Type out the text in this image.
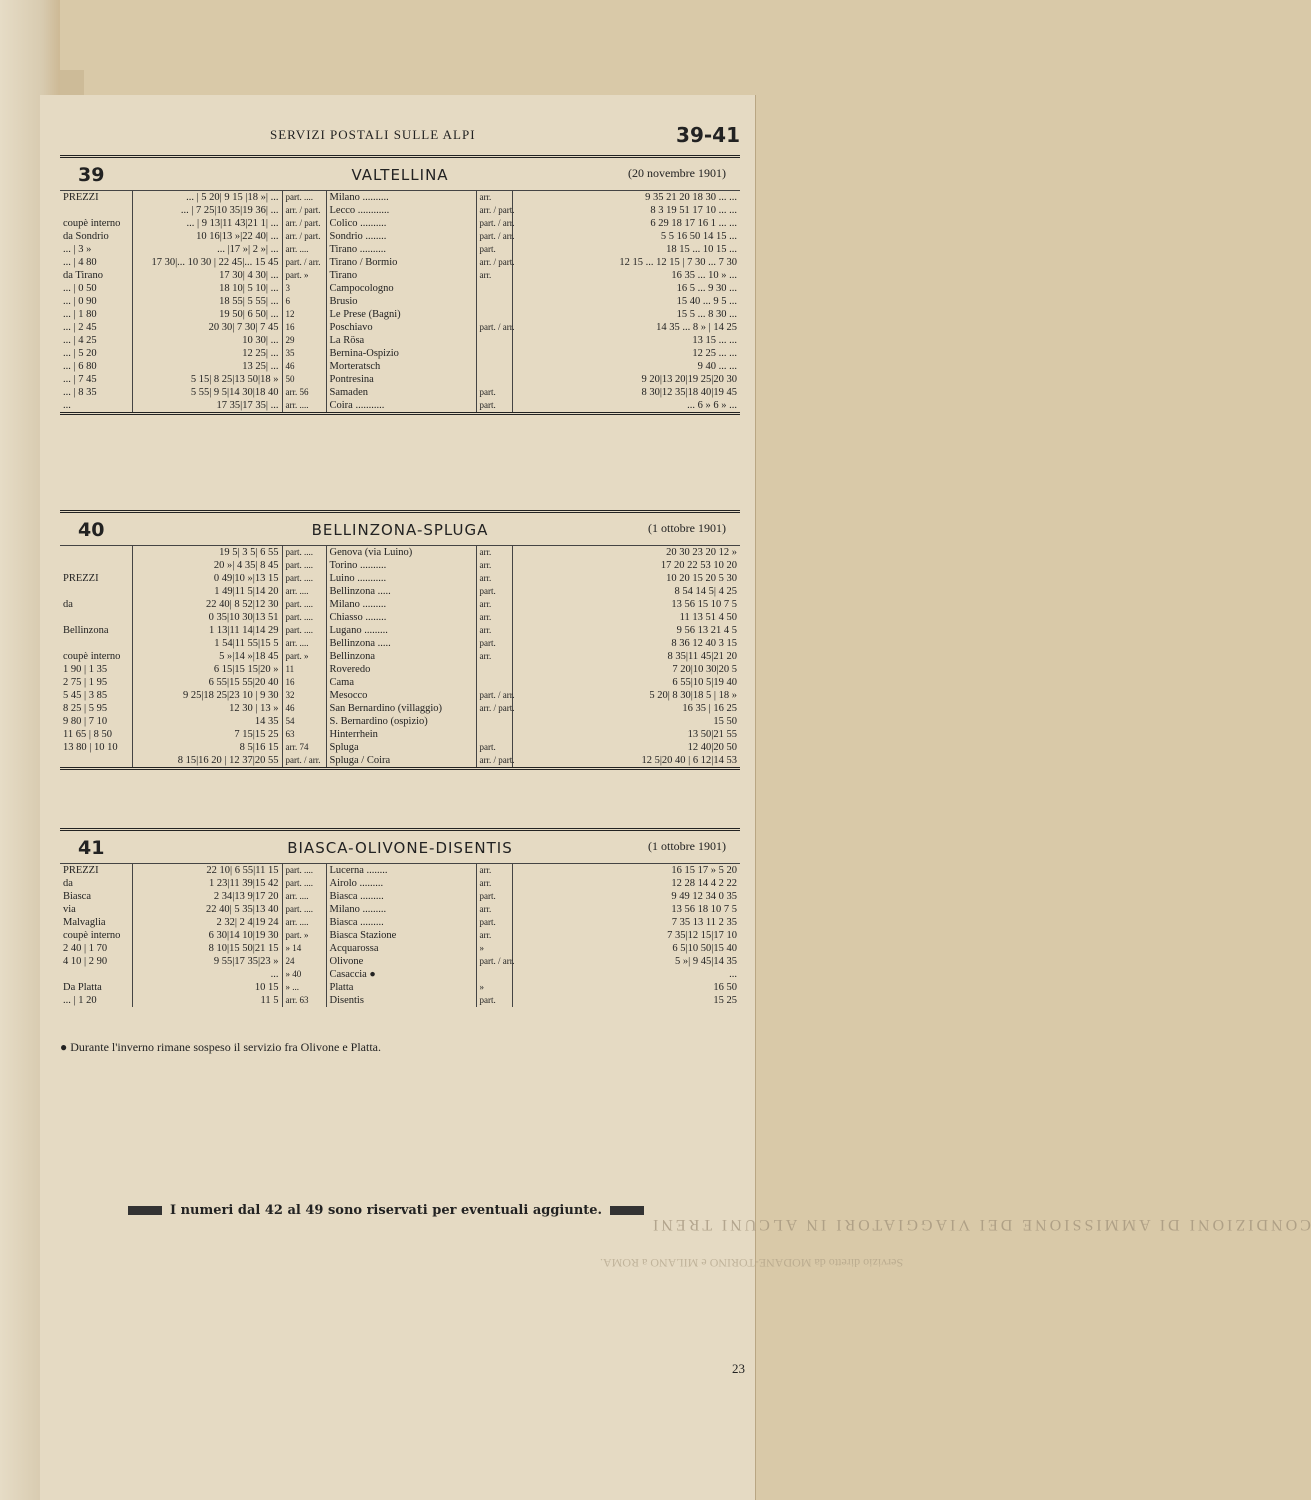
SERVIZI POSTALI SULLE ALPI	39-41
39	VALTELLINA	(20 novembre 1901)
PREZZI	... | 5 20| 9 15 |18 »| ...	part. ....	Milano ..........	arr.	9 35 21 20 18 30 ... ...
	... | 7 25|10 35|19 36| ...	arr. / part.	Lecco ............	arr. / part.	8 3 19 51 17 10 ... ...
coupè interno	... | 9 13|11 43|21 1| ...	arr. / part.	Colico ..........	part. / arr.	6 29 18 17 16 1 ... ...
da Sondrio	10 16|13 »|22 40| ...	arr. / part.	Sondrio ........	part. / arr.	5 5 16 50 14 15 ...
... | 3 »	... |17 »| 2 »| ...	arr. ....	Tirano ..........	part.	18 15 ... 10 15 ...
... | 4 80	17 30|... 10 30 | 22 45|... 15 45	part. / arr.	Tirano / Bormio	arr. / part.	12 15 ... 12 15 | 7 30 ... 7 30
da Tirano	17 30| 4 30| ...	part. »	Tirano	arr.	16 35 ... 10 » ...
... | 0 50	18 10| 5 10| ...	3	Campocologno		16 5 ... 9 30 ...
... | 0 90	18 55| 5 55| ...	6	Brusio		15 40 ... 9 5 ...
... | 1 80	19 50| 6 50| ...	12	Le Prese (Bagni)		15 5 ... 8 30 ...
... | 2 45	20 30| 7 30| 7 45	16	Poschiavo	part. / arr.	14 35 ... 8 » | 14 25
... | 4 25	10 30| ...	29	La Rösa		13 15 ... ...
... | 5 20	12 25| ...	35	Bernina-Ospizio		12 25 ... ...
... | 6 80	13 25| ...	46	Morteratsch		9 40 ... ...
... | 7 45	5 15| 8 25|13 50|18 »	50	Pontresina		9 20|13 20|19 25|20 30
... | 8 35	5 55| 9 5|14 30|18 40	arr. 56	Samaden	part.	8 30|12 35|18 40|19 45
...	17 35|17 35| ...	arr. ....	Coira ...........	part.	... 6 » 6 » ...
40	BELLINZONA-SPLUGA	(1 ottobre 1901)
	19 5| 3 5| 6 55	part. ....	Genova (via Luino)	arr.	20 30 23 20 12 »
	20 »| 4 35| 8 45	part. ....	Torino ..........	arr.	17 20 22 53 10 20
PREZZI	0 49|10 »|13 15	part. ....	Luino ...........	arr.	10 20 15 20 5 30
	1 49|11 5|14 20	arr. ....	Bellinzona .....	part.	8 54 14 5| 4 25
da	22 40| 8 52|12 30	part. ....	Milano .........	arr.	13 56 15 10 7 5
	0 35|10 30|13 51	part. ....	Chiasso ........	arr.	11 13 51 4 50
Bellinzona	1 13|11 14|14 29	part. ....	Lugano .........	arr.	9 56 13 21 4 5
	1 54|11 55|15 5	arr. ....	Bellinzona .....	part.	8 36 12 40 3 15
coupè interno	5 »|14 »|18 45	part. »	Bellinzona	arr.	8 35|11 45|21 20
1 90 | 1 35	6 15|15 15|20 »	11	Roveredo		7 20|10 30|20 5
2 75 | 1 95	6 55|15 55|20 40	16	Cama		6 55|10 5|19 40
5 45 | 3 85	9 25|18 25|23 10 | 9 30	32	Mesocco	part. / arr.	5 20| 8 30|18 5 | 18 »
8 25 | 5 95	12 30 | 13 »	46	San Bernardino (villaggio)	arr. / part.	16 35 | 16 25
9 80 | 7 10	14 35	54	S. Bernardino (ospizio)		15 50
11 65 | 8 50	7 15|15 25	63	Hinterrhein		13 50|21 55
13 80 | 10 10	8 5|16 15	arr. 74	Spluga	part.	12 40|20 50
	8 15|16 20 | 12 37|20 55	part. / arr.	Spluga / Coira	arr. / part.	12 5|20 40 | 6 12|14 53
41	BIASCA-OLIVONE-DISENTIS	(1 ottobre 1901)
PREZZI	22 10| 6 55|11 15	part. ....	Lucerna ........	arr.	16 15 17 » 5 20
da	1 23|11 39|15 42	part. ....	Airolo .........	arr.	12 28 14 4 2 22
Biasca	2 34|13 9|17 20	arr. ....	Biasca .........	part.	9 49 12 34 0 35
via	22 40| 5 35|13 40	part. ....	Milano .........	arr.	13 56 18 10 7 5
Malvaglia	2 32| 2 4|19 24	arr. ....	Biasca .........	part.	7 35 13 11 2 35
coupè interno	6 30|14 10|19 30	part. »	Biasca Stazione	arr.	7 35|12 15|17 10
2 40 | 1 70	8 10|15 50|21 15	» 14	Acquarossa	»	6 5|10 50|15 40
4 10 | 2 90	9 55|17 35|23 »	24	Olivone	part. / arr.	5 »| 9 45|14 35
	...	» 40	Casaccia ●		...
Da Platta	10 15	» ...	Platta	»	16 50
... | 1 20	11 5	arr. 63	Disentis	part.	15 25
● Durante l'inverno rimane sospeso il servizio fra Olivone e Platta.
CONDIZIONI DI AMMISSIONE DEI VIAGGIATORI IN ALCUNI TRENI
Servizio diretto da MODANE-TORINO e MILANO a ROMA.
I numeri dal 42 al 49 sono riservati per eventuali aggiunte.
23
